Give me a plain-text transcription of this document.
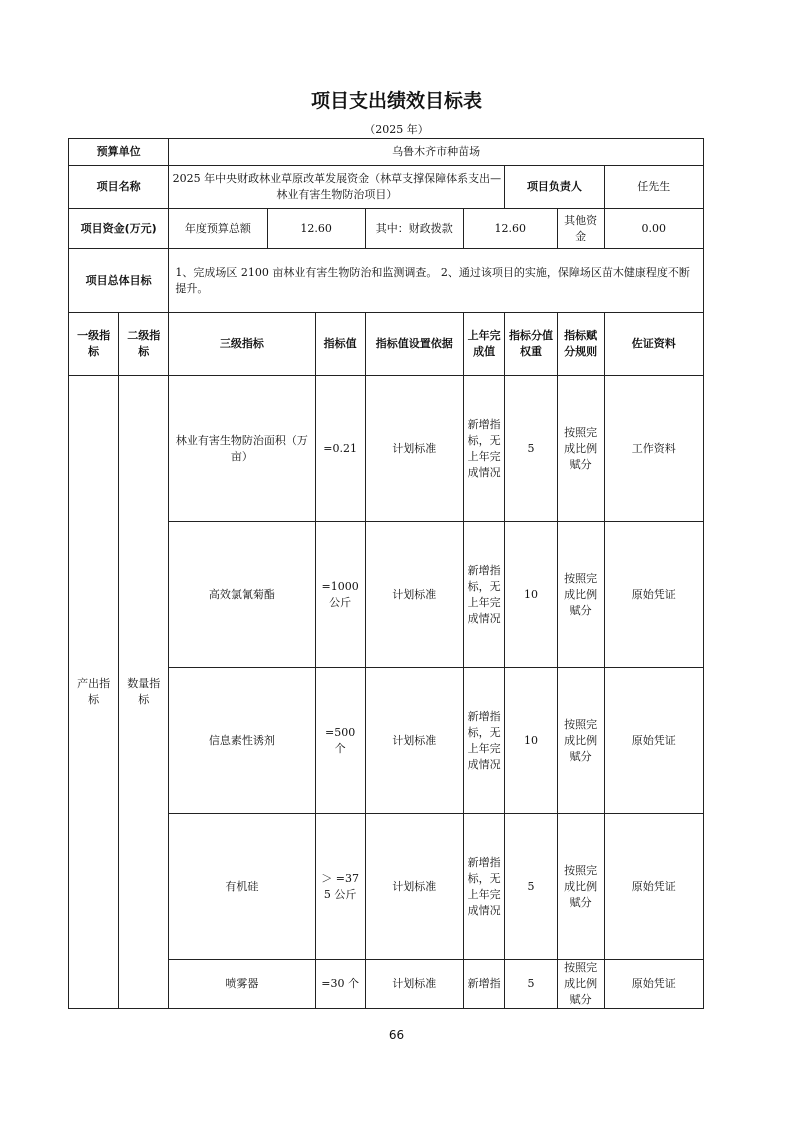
项目支出绩效目标表
（2025 年）
预算单位		乌鲁木齐市种苗场							
项目名称		2025 年中央财政林业草原改革发展资金（林草支撑保障体系支出—林业有害生物防治项目）					项目负责人		任先生
项目资金(万元)		年度预算总额	12.60		其中：财政拨款	12.60		其他资金	0.00
项目总体目标		1、完成场区 2100 亩林业有害生物防治和监测调查。 2、通过该项目的实施，保障场区苗木健康程度不断提升。							
一级指标	二级指标	三级指标		指标值	指标值设置依据	上年完成值	指标分值权重	指标赋分规则	佐证资料
产出指标	数量指标	林业有害生物防治面积（万亩）		=0.21	计划标准	新增指标，无上年完成情况	5	按照完成比例赋分	工作资料
		高效氯氰菊酯		=1000 公斤	计划标准	新增指标，无上年完成情况	10	按照完成比例赋分	原始凭证
		信息素性诱剂		=500 个	计划标准	新增指标，无上年完成情况	10	按照完成比例赋分	原始凭证
		有机硅		＞ =375 公斤	计划标准	新增指标，无上年完成情况	5	按照完成比例赋分	原始凭证
		喷雾器		=30 个	计划标准	新增指	5	按照完成比例赋分	原始凭证
66
